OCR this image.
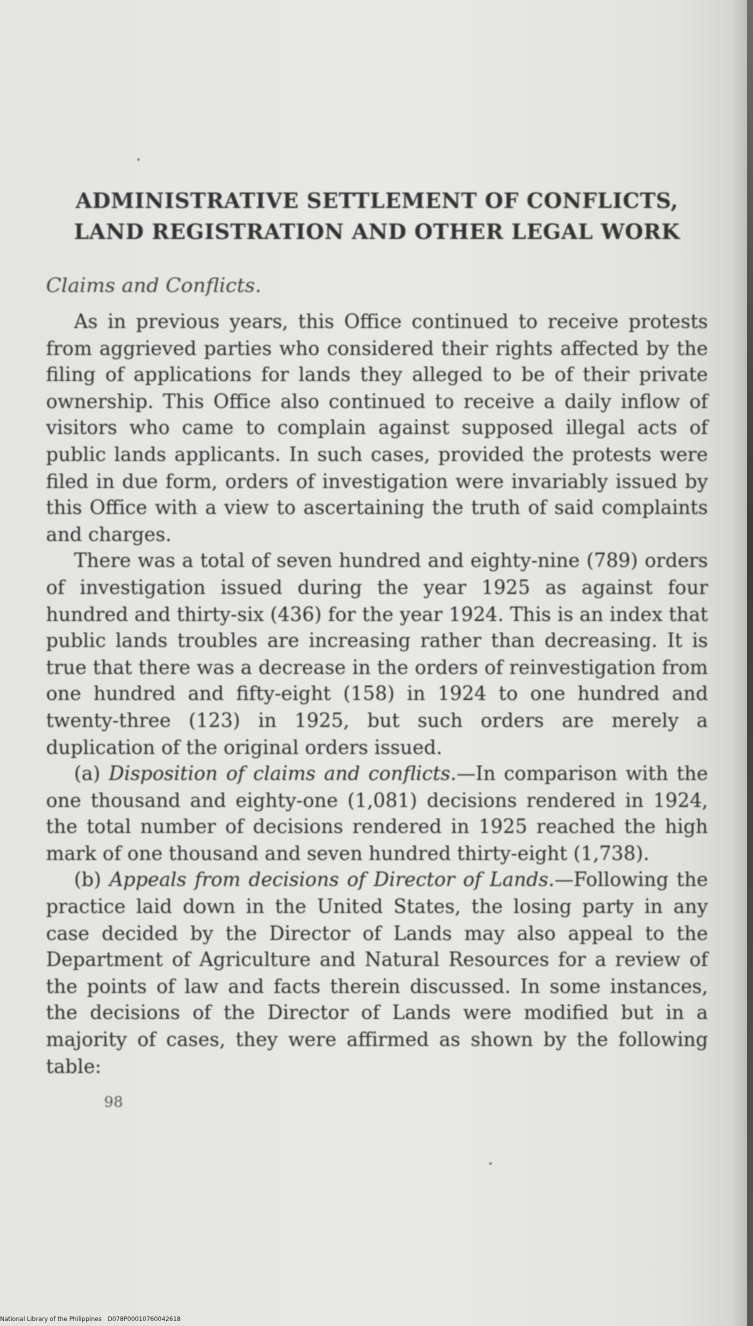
ADMINISTRATIVE SETTLEMENT OF CONFLICTS, LAND REGISTRATION AND OTHER LEGAL WORK
Claims and Conflicts.

As in previous years, this Office continued to receive protests from aggrieved parties who considered their rights affected by the filing of applications for lands they alleged to be of their private ownership. This Office also continued to receive a daily inflow of visitors who came to complain against supposed illegal acts of public lands applicants. In such cases, provided the protests were filed in due form, orders of investigation were invariably issued by this Office with a view to ascertaining the truth of said complaints and charges.

There was a total of seven hundred and eighty-nine (789) orders of investigation issued during the year 1925 as against four hundred and thirty-six (436) for the year 1924. This is an index that public lands troubles are increasing rather than decreasing. It is true that there was a decrease in the orders of reinvestigation from one hundred and fifty-eight (158) in 1924 to one hundred and twenty-three (123) in 1925, but such orders are merely a duplication of the original orders issued.

(a) Disposition of claims and conflicts.—In comparison with the one thousand and eighty-one (1,081) decisions rendered in 1924, the total number of decisions rendered in 1925 reached the high mark of one thousand and seven hundred thirty-eight (1,738).

(b) Appeals from decisions of Director of Lands.—Following the practice laid down in the United States, the losing party in any case decided by the Director of Lands may also appeal to the Department of Agriculture and Natural Resources for a review of the points of law and facts therein discussed. In some instances, the decisions of the Director of Lands were modified but in a majority of cases, they were affirmed as shown by the following table:

98
National Library of the Philippines D078P00010760042618
